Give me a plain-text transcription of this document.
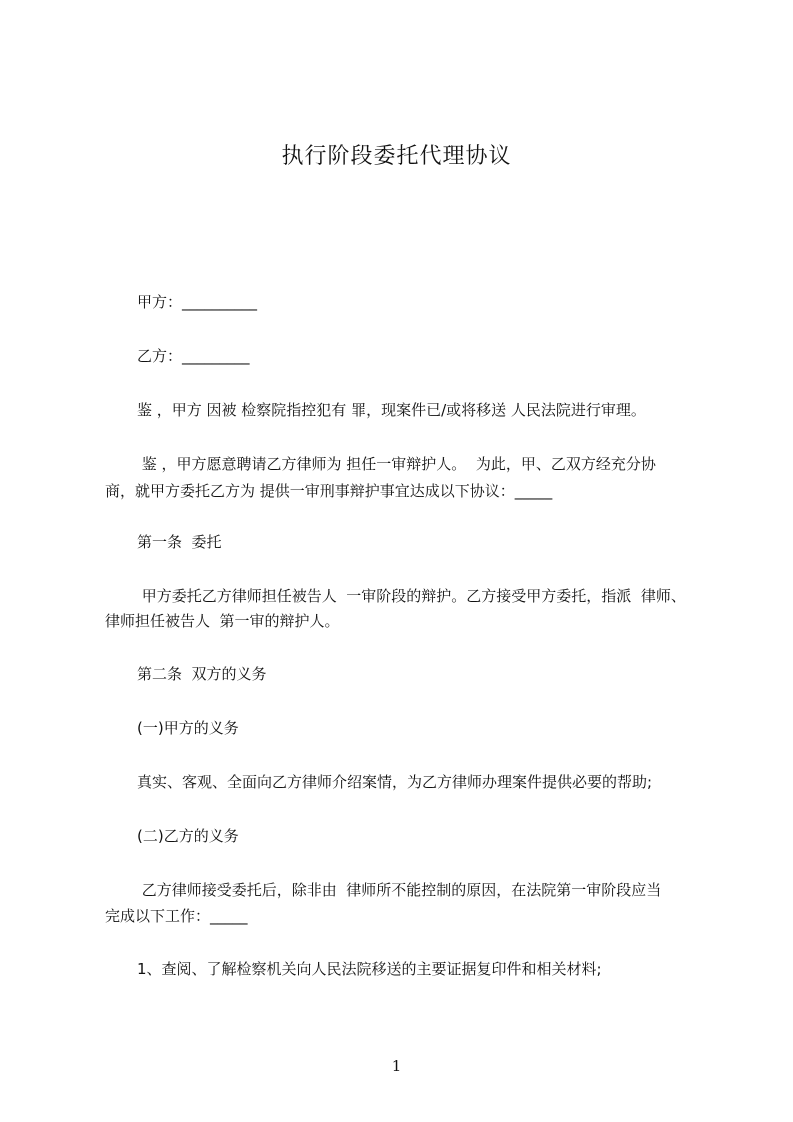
执行阶段委托代理协议
甲方：__________
乙方：_________
鉴 ，甲方 因被 检察院指控犯有 罪，现案件已/或将移送 人民法院进行审理。
鉴 ，甲方愿意聘请乙方律师为 担任一审辩护人。  为此，甲、乙双方经充分协
商，就甲方委托乙方为 提供一审刑事辩护事宜达成以下协议：_____
第一条  委托
甲方委托乙方律师担任被告人  一审阶段的辩护。乙方接受甲方委托，指派  律师、
律师担任被告人  第一审的辩护人。
第二条  双方的义务
(一)甲方的义务
真实、客观、全面向乙方律师介绍案情，为乙方律师办理案件提供必要的帮助;
(二)乙方的义务
乙方律师接受委托后，除非由  律师所不能控制的原因，在法院第一审阶段应当
完成以下工作：_____
1、查阅、了解检察机关向人民法院移送的主要证据复印件和相关材料;
1
